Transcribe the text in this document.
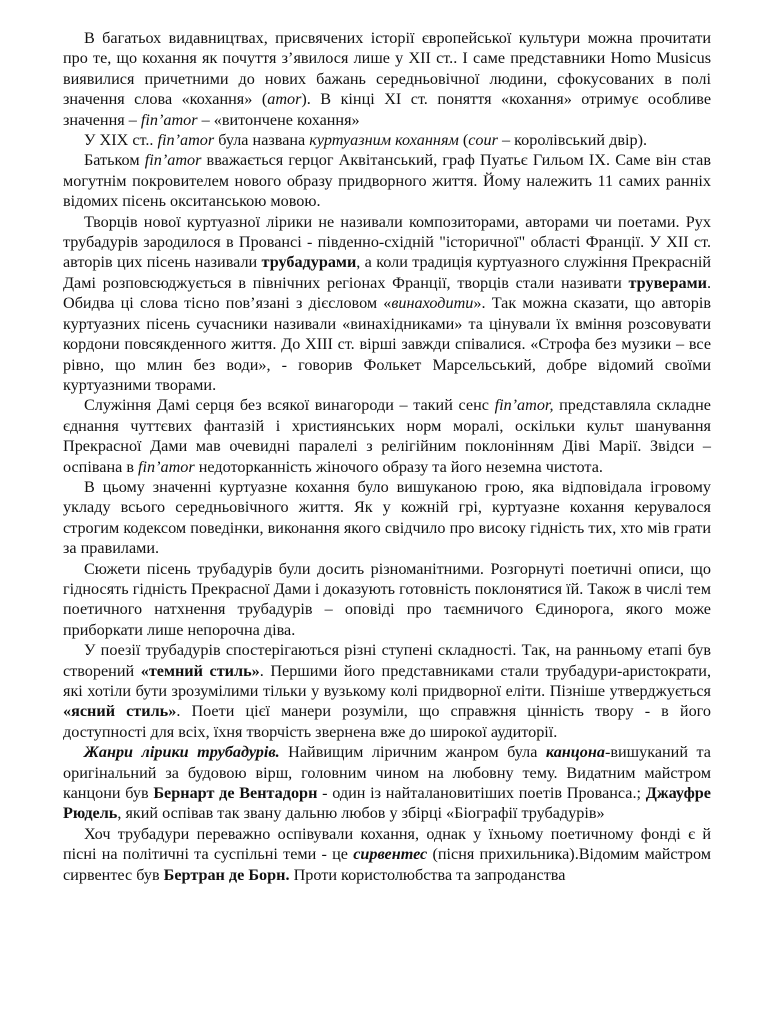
В багатьох видавництвах, присвячених історії європейської культури можна прочитати про те, що кохання як почуття з’явилося лише у XII ст.. І саме представники Homo Musicus виявилися причетними до нових бажань середньовічної людини, сфокусованих в полі значення слова «кохання» (amor). В кінці XI ст. поняття «кохання» отримує особливе значення – fin’amor – «витончене кохання»

У XIX ст.. fin’amor була названа куртуазним коханням (cour – королівський двір).

Батьком fin’amor вважається герцог Аквітанський, граф Пуатьє Гильом IX. Саме він став могутнім покровителем нового образу придворного життя. Йому належить 11 самих ранніх відомих пісень окситанською мовою.

Творців нової куртуазної лірики не називали композиторами, авторами чи поетами. Рух трубадурів зародилося в Провансі - південно-східній "історичної" області Франції. У XII ст. авторів цих пісень називали трубадурами, а коли традиція куртуазного служіння Прекрасній Дамі розповсюджується в північних регіонах Франції, творців стали називати труверами. Обидва ці слова тісно пов’язані з дієсловом «винаходити». Так можна сказати, що авторів куртуазних пісень сучасники називали «винахідниками» та цінували їх вміння розсовувати кордони повсякденного життя. До XIII ст. вірші завжди співалися. «Строфа без музики – все рівно, що млин без води», - говорив Фолькет Марсельський, добре відомий своїми куртуазними творами.

Служіння Дамі серця без всякої винагороди – такий сенс fin’amor, представляла складне єднання чуттєвих фантазій і християнських норм моралі, оскільки культ шанування Прекрасної Дами мав очевидні паралелі з релігійним поклонінням Діві Марії. Звідси – оспівана в fin’amor недоторканність жіночого образу та його неземна чистота.

В цьому значенні куртуазне кохання було вишуканою грою, яка відповідала ігровому укладу всього середньовічного життя. Як у кожній грі, куртуазне кохання керувалося строгим кодексом поведінки, виконання якого свідчило про високу гідність тих, хто мів грати за правилами.

Сюжети пісень трубадурів були досить різноманітними. Розгорнуті поетичні описи, що гідносять гідність Прекрасної Дами і доказують готовність поклонятися їй. Також в числі тем поетичного натхнення трубадурів – оповіді про таємничого Єдинорога, якого може приборкати лише непорочна діва.

У поезії трубадурів спостерігаються різні ступені складності. Так, на ранньому етапі був створений «темний стиль». Першими його представниками стали трубадури-аристократи, які хотіли бути зрозумілими тільки у вузькому колі придворної еліти. Пізніше утверджується «ясний стиль». Поети цієї манери розуміли, що справжня цінність твору - в його доступності для всіх, їхня творчість звернена вже до широкої аудиторії.

Жанри лірики трубадурів. Найвищим ліричним жанром була канцона-вишуканий та оригінальний за будовою вірш, головним чином на любовну тему. Видатним майстром канцони був Бернарт де Вентадорн - один із найталановитіших поетів Прованса.; Джауфре Рюдель, який оспівав так звану дальню любов у збірці «Біографії трубадурів»

Хоч трубадури переважно оспівували кохання, однак у їхньому поетичному фонді є й пісні на політичні та суспільні теми - це сирвентес (пісня прихильника).Відомим майстром сирвентес був Бертран де Борн. Проти користолюбства та запроданства
